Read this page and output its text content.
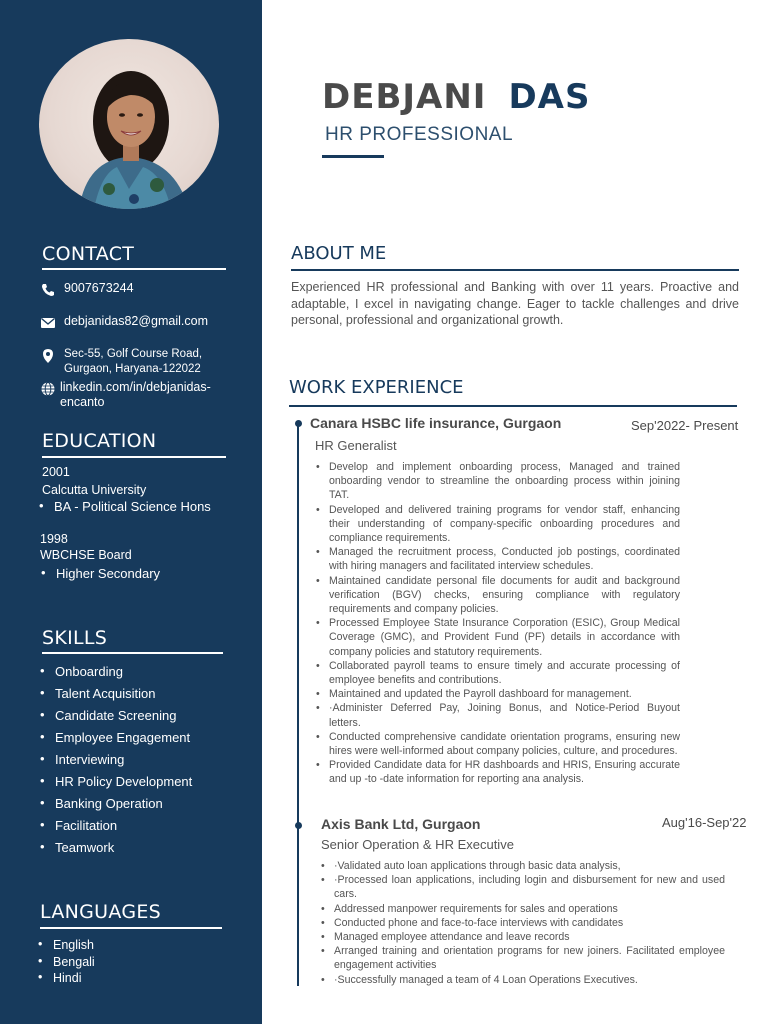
CONTACT
9007673244
debjanidas82@gmail.com
Sec-55, Golf Course Road,
Gurgaon, Haryana-122022
linkedin.com/in/debjanidas-
encanto
EDUCATION
2001
Calcutta University
• BA - Political Science Hons
1998
WBCHSE Board
• Higher Secondary
SKILLS
• Onboarding
• Talent Acquisition
• Candidate Screening
• Employee Engagement
• Interviewing
• HR Policy Development
• Banking Operation
• Facilitation
• Teamwork
LANGUAGES
• English
• Bengali
• Hindi
DEBJANI DAS
HR PROFESSIONAL
ABOUT ME
Experienced HR professional and Banking with over 11 years. Proactive and adaptable, I excel in navigating change. Eager to tackle challenges and drive personal, professional and organizational growth.
WORK EXPERIENCE
Canara HSBC life insurance, Gurgaon	Sep'2022- Present
HR Generalist
• Develop and implement onboarding process, Managed and trained onboarding vendor to streamline the onboarding process within joining TAT.
• Developed and delivered training programs for vendor staff, enhancing their understanding of company-specific onboarding procedures and compliance requirements.
• Managed the recruitment process, Conducted job postings, coordinated with hiring managers and facilitated interview schedules.
• Maintained candidate personal file documents for audit and background verification (BGV) checks, ensuring compliance with regulatory requirements and company policies.
• Processed Employee State Insurance Corporation (ESIC), Group Medical Coverage (GMC), and Provident Fund (PF) details in accordance with company policies and statutory requirements.
• Collaborated payroll teams to ensure timely and accurate processing of employee benefits and contributions.
• Maintained and updated the Payroll dashboard for management.
• ·Administer Deferred Pay, Joining Bonus, and Notice-Period Buyout letters.
• Conducted comprehensive candidate orientation programs, ensuring new hires were well-informed about company policies, culture, and procedures.
• Provided Candidate data for HR dashboards and HRIS, Ensuring accurate and up -to -date information for reporting ana analysis.
Axis Bank Ltd, Gurgaon	Aug'16-Sep'22
Senior Operation & HR Executive
• ·Validated auto loan applications through basic data analysis,
• ·Processed loan applications, including login and disbursement for new and used cars.
• Addressed manpower requirements for sales and operations
• Conducted phone and face-to-face interviews with candidates
• Managed employee attendance and leave records
• Arranged training and orientation programs for new joiners. Facilitated employee engagement activities
• ·Successfully managed a team of 4 Loan Operations Executives.
